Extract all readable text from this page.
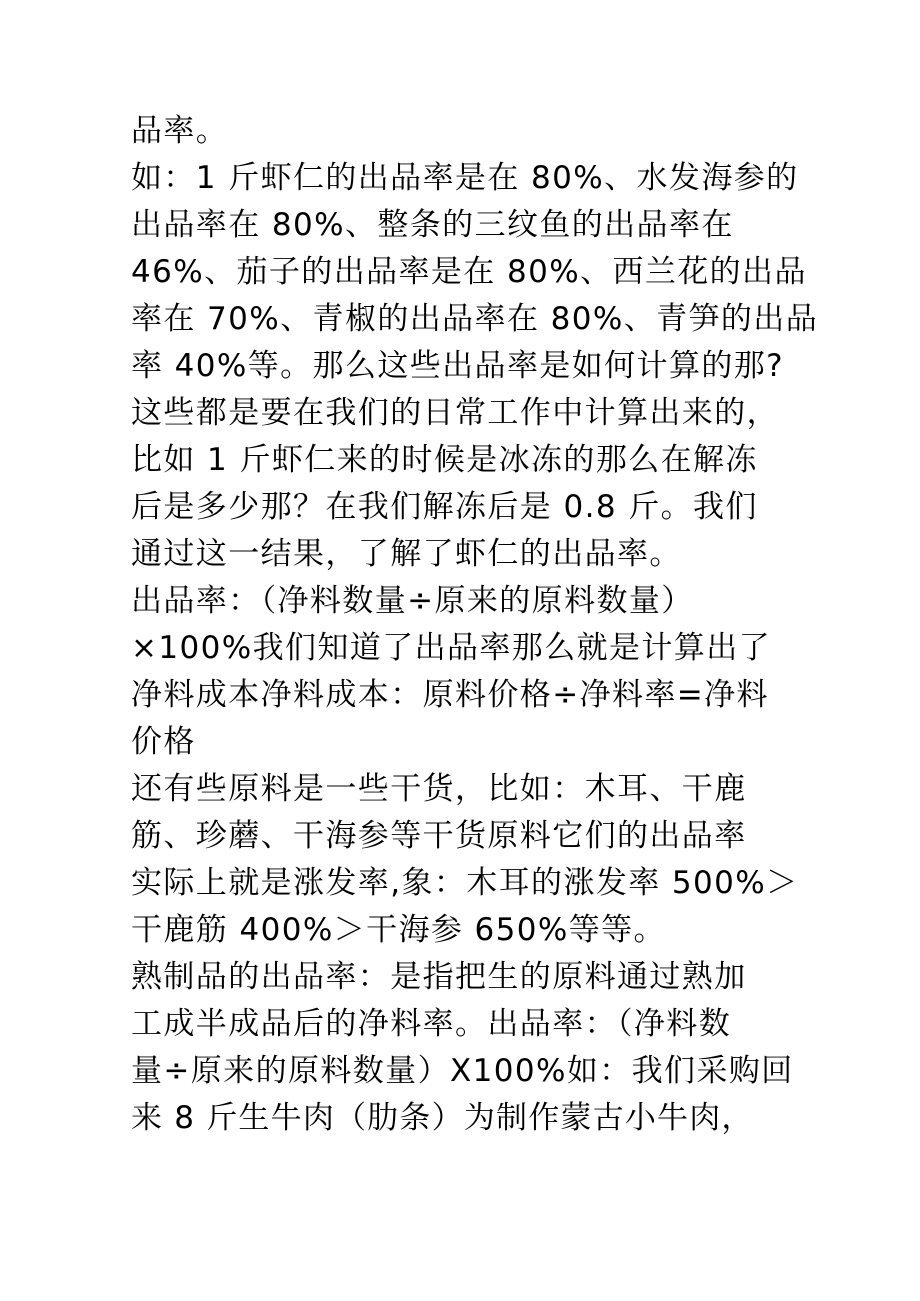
品率。
如：1 斤虾仁的出品率是在 80%、水发海参的
出品率在 80%、整条的三纹鱼的出品率在
46%、茄子的出品率是在 80%、西兰花的出品
率在 70%、青椒的出品率在 80%、青笋的出品
率 40%等。那么这些出品率是如何计算的那?
这些都是要在我们的日常工作中计算出来的，
比如 1 斤虾仁来的时候是冰冻的那么在解冻
后是多少那？在我们解冻后是 0.8 斤。我们
通过这一结果，了解了虾仁的出品率。
出品率：（净料数量÷原来的原料数量）
×100%我们知道了出品率那么就是计算出了
净料成本净料成本：原料价格÷净料率=净料
价格
还有些原料是一些干货，比如：木耳、干鹿
筋、珍蘑、干海参等干货原料它们的出品率
实际上就是涨发率,象：木耳的涨发率 500%＞
干鹿筋 400%＞干海参 650%等等。
熟制品的出品率：是指把生的原料通过熟加
工成半成品后的净料率。出品率：（净料数
量÷原来的原料数量）X100%如：我们采购回
来 8 斤生牛肉（肋条）为制作蒙古小牛肉，
